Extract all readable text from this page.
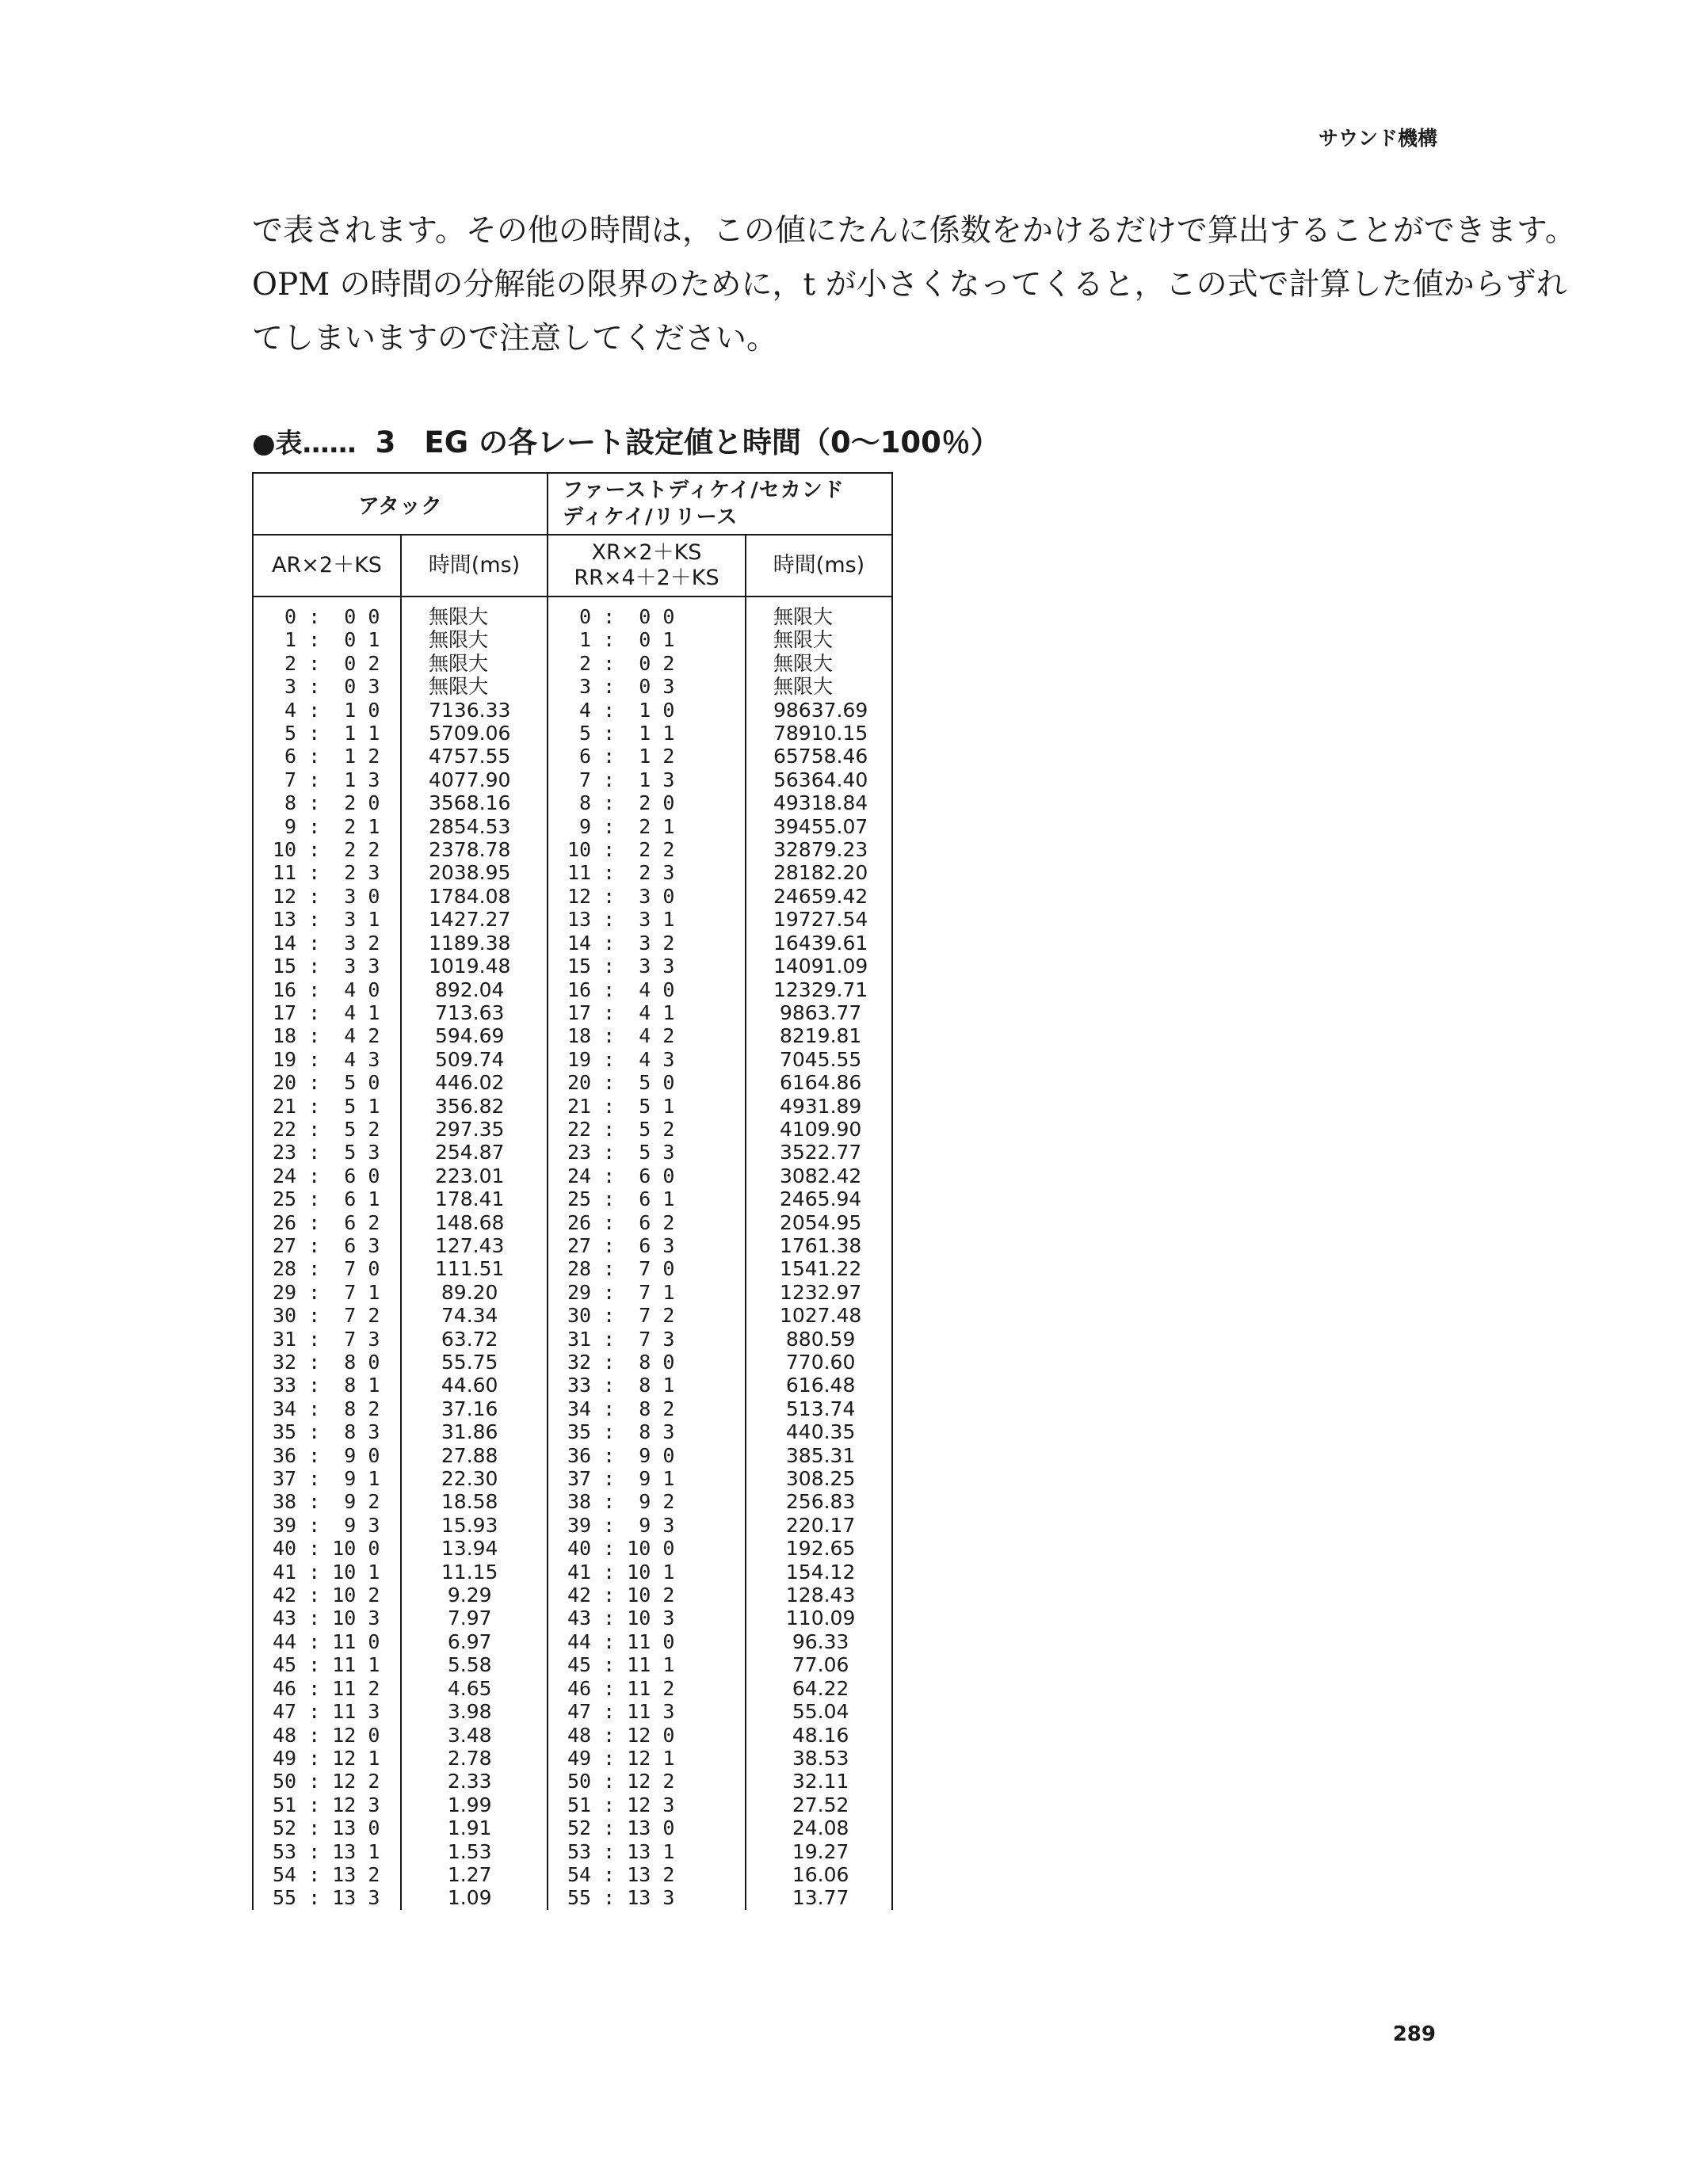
サウンド機構

で表されます。その他の時間は，この値にたんに係数をかけるだけで算出することができます。

OPM の時間の分解能の限界のために，t が小さくなってくると，この式で計算した値からずれ

てしまいますので注意してください。

●表…… 3 EG の各レート設定値と時間（0〜100％）
アタック		ファーストディケイ/セカンド
ディケイ/リリース	
AR×2＋KS	時間(ms)	XR×2＋KS
RR×4＋2＋KS	時間(ms)
0 :  0 0	無限大	0 :  0 0	無限大
1 :  0 1	無限大	1 :  0 1	無限大
2 :  0 2	無限大	2 :  0 2	無限大
3 :  0 3	無限大	3 :  0 3	無限大
4 :  1 0	7136.33	4 :  1 0	98637.69
5 :  1 1	5709.06	5 :  1 1	78910.15
6 :  1 2	4757.55	6 :  1 2	65758.46
7 :  1 3	4077.90	7 :  1 3	56364.40
8 :  2 0	3568.16	8 :  2 0	49318.84
9 :  2 1	2854.53	9 :  2 1	39455.07
10 :  2 2	2378.78	10 :  2 2	32879.23
11 :  2 3	2038.95	11 :  2 3	28182.20
12 :  3 0	1784.08	12 :  3 0	24659.42
13 :  3 1	1427.27	13 :  3 1	19727.54
14 :  3 2	1189.38	14 :  3 2	16439.61
15 :  3 3	1019.48	15 :  3 3	14091.09
16 :  4 0	892.04	16 :  4 0	12329.71
17 :  4 1	713.63	17 :  4 1	9863.77
18 :  4 2	594.69	18 :  4 2	8219.81
19 :  4 3	509.74	19 :  4 3	7045.55
20 :  5 0	446.02	20 :  5 0	6164.86
21 :  5 1	356.82	21 :  5 1	4931.89
22 :  5 2	297.35	22 :  5 2	4109.90
23 :  5 3	254.87	23 :  5 3	3522.77
24 :  6 0	223.01	24 :  6 0	3082.42
25 :  6 1	178.41	25 :  6 1	2465.94
26 :  6 2	148.68	26 :  6 2	2054.95
27 :  6 3	127.43	27 :  6 3	1761.38
28 :  7 0	111.51	28 :  7 0	1541.22
29 :  7 1	89.20	29 :  7 1	1232.97
30 :  7 2	74.34	30 :  7 2	1027.48
31 :  7 3	63.72	31 :  7 3	880.59
32 :  8 0	55.75	32 :  8 0	770.60
33 :  8 1	44.60	33 :  8 1	616.48
34 :  8 2	37.16	34 :  8 2	513.74
35 :  8 3	31.86	35 :  8 3	440.35
36 :  9 0	27.88	36 :  9 0	385.31
37 :  9 1	22.30	37 :  9 1	308.25
38 :  9 2	18.58	38 :  9 2	256.83
39 :  9 3	15.93	39 :  9 3	220.17
40 : 10 0	13.94	40 : 10 0	192.65
41 : 10 1	11.15	41 : 10 1	154.12
42 : 10 2	9.29	42 : 10 2	128.43
43 : 10 3	7.97	43 : 10 3	110.09
44 : 11 0	6.97	44 : 11 0	96.33
45 : 11 1	5.58	45 : 11 1	77.06
46 : 11 2	4.65	46 : 11 2	64.22
47 : 11 3	3.98	47 : 11 3	55.04
48 : 12 0	3.48	48 : 12 0	48.16
49 : 12 1	2.78	49 : 12 1	38.53
50 : 12 2	2.33	50 : 12 2	32.11
51 : 12 3	1.99	51 : 12 3	27.52
52 : 13 0	1.91	52 : 13 0	24.08
53 : 13 1	1.53	53 : 13 1	19.27
54 : 13 2	1.27	54 : 13 2	16.06
55 : 13 3	1.09	55 : 13 3	13.77
289
